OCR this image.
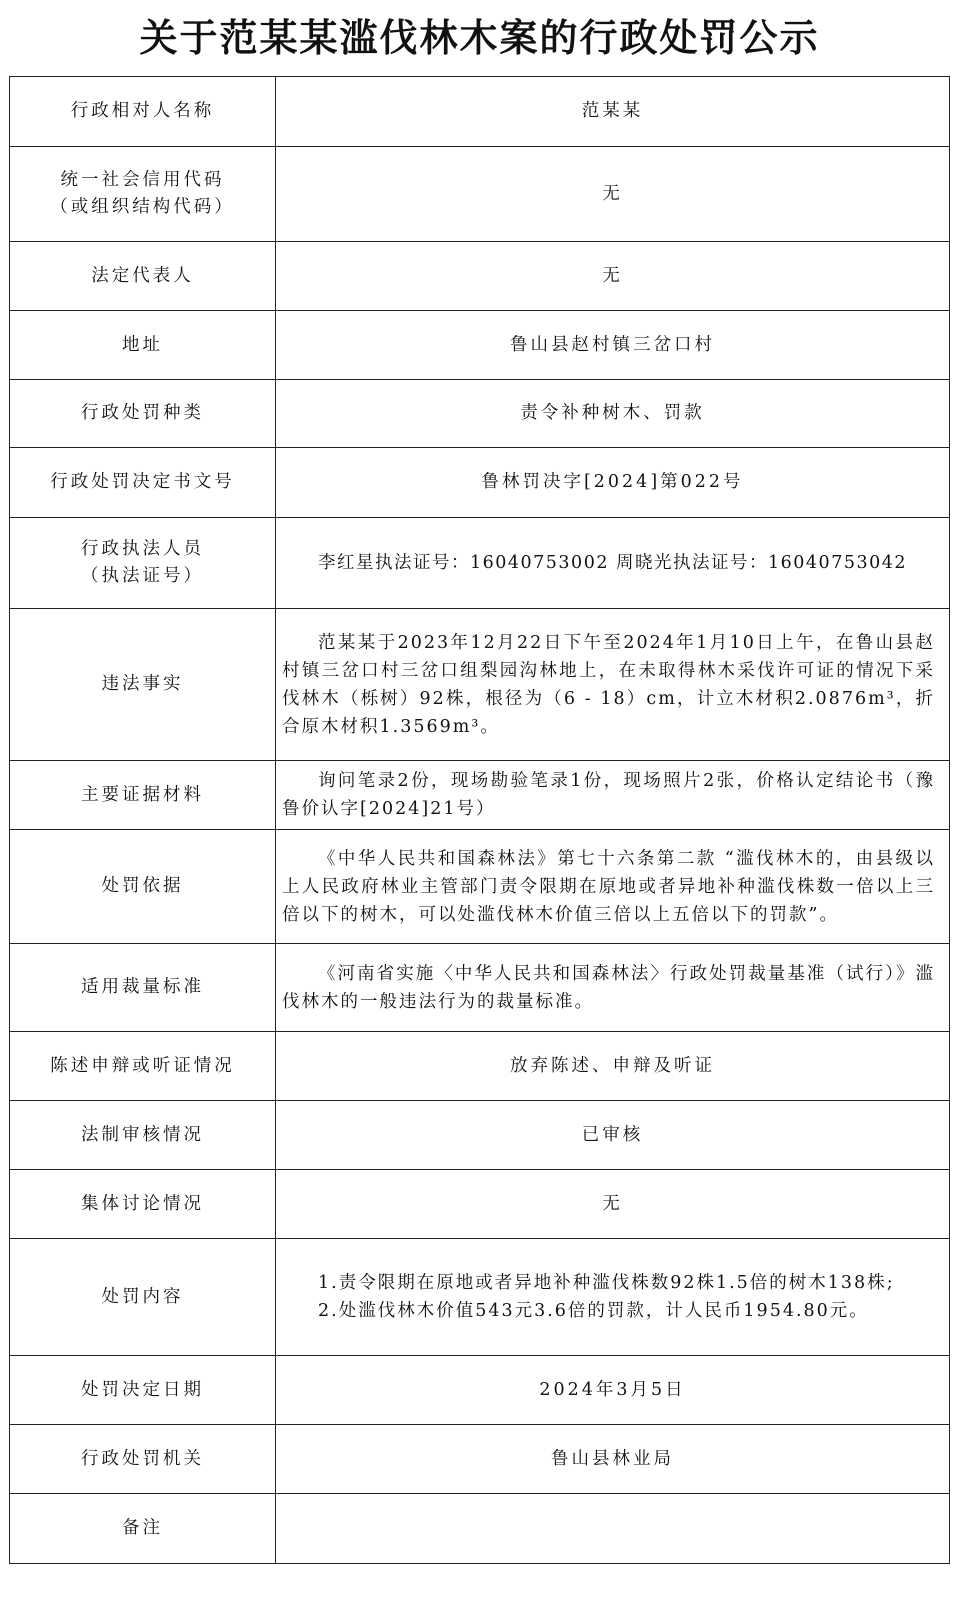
关于范某某滥伐林木案的行政处罚公示
行政相对人名称	范某某

统一社会信用代码
（或组织结构代码）	无
法定代表人	无
地址	鲁山县赵村镇三岔口村
行政处罚种类	责令补种树木、罚款
行政处罚决定书文号	鲁林罚决字[2024]第022号

行政执法人员
（执法证号）	李红星执法证号：16040753002 周晓光执法证号：16040753042
违法事实	范某某于2023年12月22日下午至2024年1月10日上午，在鲁山县赵村镇三岔口村三岔口组梨园沟林地上，在未取得林木采伐许可证的情况下采伐林木（栎树）92株，根径为（6 - 18）cm，计立木材积2.0876m³，折合原木材积1.3569m³。
主要证据材料	询问笔录2份，现场勘验笔录1份，现场照片2张，价格认定结论书（豫鲁价认字[2024]21号）
处罚依据	《中华人民共和国森林法》第七十六条第二款 “滥伐林木的，由县级以上人民政府林业主管部门责令限期在原地或者异地补种滥伐株数一倍以上三倍以下的树木，可以处滥伐林木价值三倍以上五倍以下的罚款”。
适用裁量标准	《河南省实施〈中华人民共和国森林法〉行政处罚裁量基准（试行）》滥伐林木的一般违法行为的裁量标准。
陈述申辩或听证情况	放弃陈述、申辩及听证
法制审核情况	已审核
集体讨论情况	无
处罚内容	1.责令限期在原地或者异地补种滥伐株数92株1.5倍的树木138株;
2.处滥伐林木价值543元3.6倍的罚款，计人民币1954.80元。

处罚决定日期	2024年3月5日
行政处罚机关	鲁山县林业局
备注	
